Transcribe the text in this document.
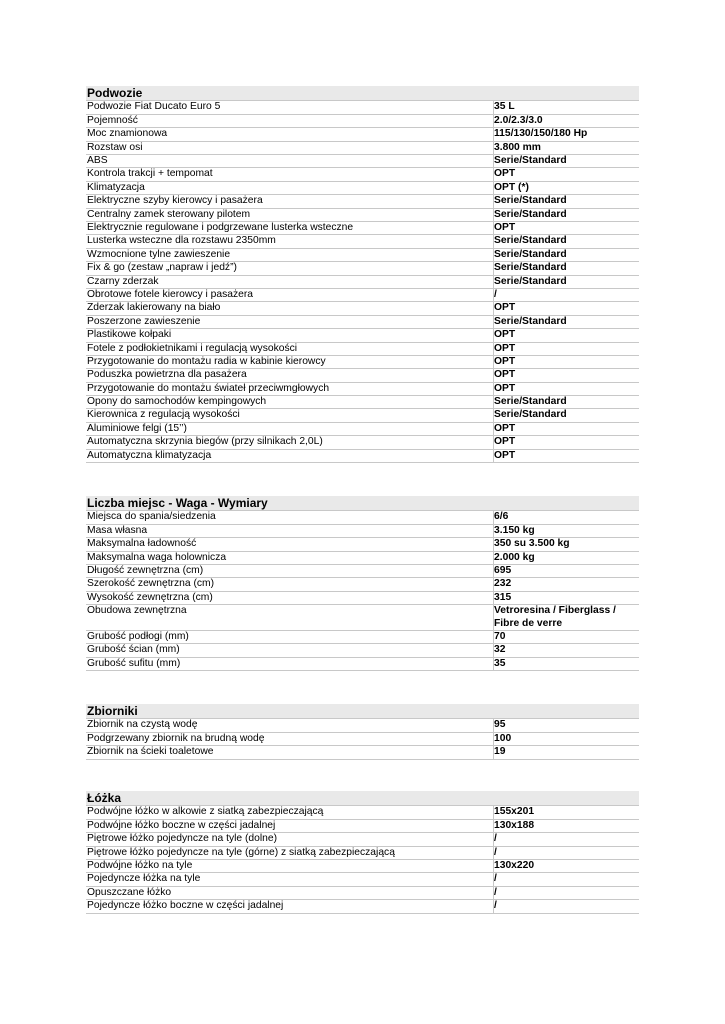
Podwozie
Podwozie Fiat Ducato Euro 5	35 L
Pojemność	2.0/2.3/3.0
Moc znamionowa	115/130/150/180 Hp
Rozstaw osi	3.800 mm
ABS	Serie/Standard
Kontrola trakcji + tempomat	OPT
Klimatyzacja	OPT (*)
Elektryczne szyby kierowcy i pasażera	Serie/Standard
Centralny zamek sterowany pilotem	Serie/Standard
Elektrycznie regulowane i podgrzewane lusterka wsteczne	OPT
Lusterka wsteczne dla rozstawu 2350mm	Serie/Standard
Wzmocnione tylne zawieszenie	Serie/Standard
Fix & go (zestaw „napraw i jedź”)	Serie/Standard
Czarny zderzak	Serie/Standard
Obrotowe fotele kierowcy i pasażera	/
Zderzak lakierowany na biało	OPT
Poszerzone zawieszenie	Serie/Standard
Plastikowe kołpaki	OPT
Fotele z podłokietnikami i regulacją wysokości	OPT
Przygotowanie do montażu radia w kabinie kierowcy	OPT
Poduszka powietrzna dla pasażera	OPT
Przygotowanie do montażu świateł przeciwmgłowych	OPT
Opony do samochodów kempingowych	Serie/Standard
Kierownica z regulacją wysokości	Serie/Standard
Aluminiowe felgi (15’’)	OPT
Automatyczna skrzynia biegów (przy silnikach 2,0L)	OPT
Automatyczna klimatyzacja	OPT
Liczba miejsc - Waga - Wymiary
Miejsca do spania/siedzenia	6/6
Masa własna	3.150 kg
Maksymalna ładowność	350 su 3.500 kg
Maksymalna waga holownicza	2.000 kg
Długość zewnętrzna (cm)	695
Szerokość zewnętrzna (cm)	232
Wysokość zewnętrzna (cm)	315
Obudowa zewnętrzna	Vetroresina / Fiberglass / Fibre de verre
Grubość podłogi (mm)	70
Grubość ścian (mm)	32
Grubość sufitu (mm)	35
Zbiorniki
Zbiornik na czystą wodę	95
Podgrzewany zbiornik na brudną wodę	100
Zbiornik na ścieki toaletowe	19
Łóżka
Podwójne łóżko w alkowie z siatką zabezpieczającą	155x201
Podwójne łóżko boczne w części jadalnej	130x188
Piętrowe łóżko pojedyncze na tyle (dolne)	/
Piętrowe łóżko pojedyncze na tyle (górne) z siatką zabezpieczającą	/
Podwójne łóżko na tyle	130x220
Pojedyncze łóżka na tyle	/
Opuszczane łóżko	/
Pojedyncze łóżko boczne w części jadalnej	/
